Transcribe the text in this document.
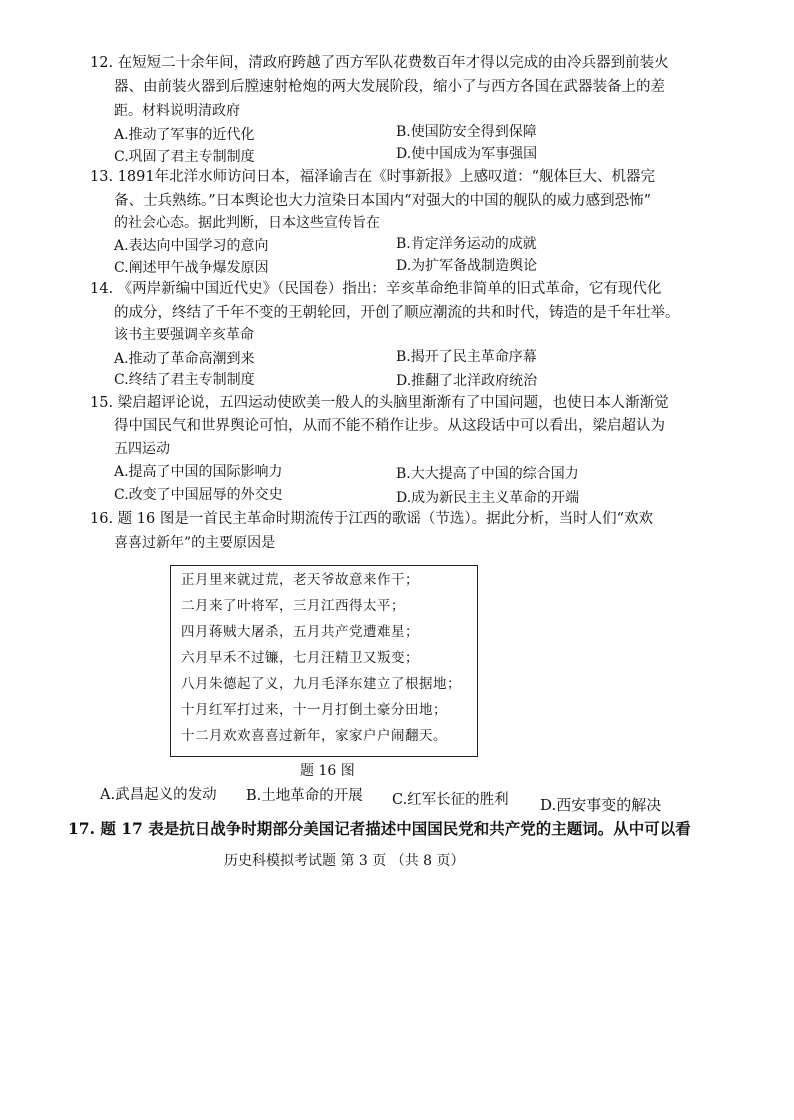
12. 在短短二十余年间，清政府跨越了西方军队花费数百年才得以完成的由冷兵器到前装火
器、由前装火器到后膛速射枪炮的两大发展阶段，缩小了与西方各国在武器装备上的差
距。材料说明清政府
A.推动了军事的近代化	B.使国防安全得到保障
C.巩固了君主专制制度	D.使中国成为军事强国
13. 1891年北洋水师访问日本，福泽谕吉在《时事新报》上感叹道：“舰体巨大、机器完
备、士兵熟练。”日本舆论也大力渲染日本国内“对强大的中国的舰队的威力感到恐怖”
的社会心态。据此判断，日本这些宣传旨在
A.表达向中国学习的意向	B.肯定洋务运动的成就
C.阐述甲午战争爆发原因	D.为扩军备战制造舆论
14. 《两岸新编中国近代史》（民国卷）指出：辛亥革命绝非简单的旧式革命，它有现代化
的成分，终结了千年不变的王朝轮回，开创了顺应潮流的共和时代，铸造的是千年壮举。
该书主要强调辛亥革命
A.推动了革命高潮到来	B.揭开了民主革命序幕
C.终结了君主专制制度	D.推翻了北洋政府统治
15. 梁启超评论说，五四运动使欧美一般人的头脑里渐渐有了中国问题，也使日本人渐渐觉
得中国民气和世界舆论可怕，从而不能不稍作让步。从这段话中可以看出，梁启超认为
五四运动
A.提高了中国的国际影响力	B.大大提高了中国的综合国力
C.改变了中国屈辱的外交史	D.成为新民主主义革命的开端
16. 题 16 图是一首民主革命时期流传于江西的歌谣（节选）。据此分析，当时人们“欢欢
喜喜过新年”的主要原因是
正月里来就过荒，老天爷故意来作干；
二月来了叶将军，三月江西得太平；
四月蒋贼大屠杀，五月共产党遭难星；
六月早禾不过镰，七月汪精卫又叛变；
八月朱德起了义，九月毛泽东建立了根据地；
十月红军打过来，十一月打倒土豪分田地；
十二月欢欢喜喜过新年，家家户户闹翻天。
题 16 图
A.武昌起义的发动 B.土地革命的开展 C.红军长征的胜利 D.西安事变的解决
17. 题 17 表是抗日战争时期部分美国记者描述中国国民党和共产党的主题词。从中可以看
历史科模拟考试题 第 3 页 （共 8 页）
